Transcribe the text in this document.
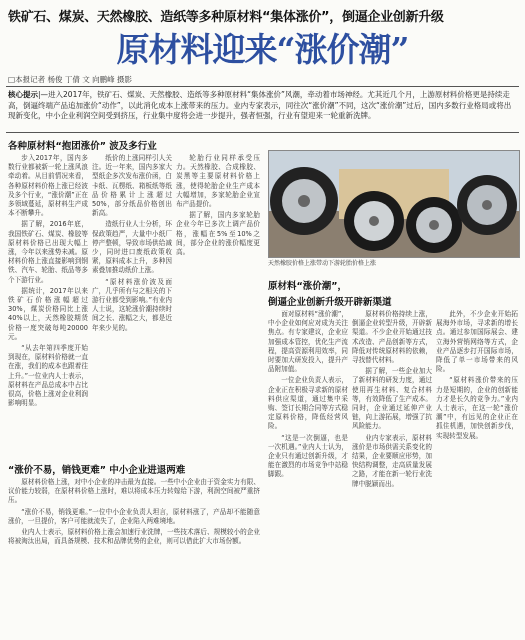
铁矿石、煤炭、天然橡胶、造纸等多种原材料“集体涨价”，倒逼企业创新升级
原材料迎来“涨价潮”
□本报记者 杨俊 丁倩 文 向鹏峰 摄影
核心提示|—进入2017年，铁矿石、煤炭、天然橡胶、造纸等多种原材料“集体涨价”风潮，牵动着市场神经。尤其近几个月，上游原材料价格更是持续走高，倒逼终端产品追加涨价“动作”，以此消化成本上涨带来的压力。业内专家表示，同往次“涨价潮”不同，这次“涨价潮”过后，国内多数行业格局或将出现新变化，中小企业利润空间受到挤压，行业集中度将会进一步提升，强者恒强，行业有望迎来一轮重新洗牌。
各种原材料“抱团涨价” 波及多行业

步入2017年，国内多数行业都被新一轮上涨风浪牵动着。从目前情况来看，各种原材料价格上涨已经波及多个行业，“涨价潮”正在多领域蔓延，原材料生产成本不断攀升。

据了解，2016年底，我国铁矿石、煤炭、橡胶等原材料价格已出现大幅上涨，今年以来涨势未减。原材料价格上涨直接影响到钢铁、汽车、轮胎、纸品等多个下游行业。

据统计，2017年以来铁矿石价格涨幅超过30%，煤炭价格同比上涨40%以上，天然橡胶期货价格一度突破每吨20000元。

“从去年第四季度开始到现在，原材料价格就一直在涨，我们的成本也跟着往上升。”一位业内人士表示，原材料在产品总成本中占比很高，价格上涨对企业利润影响明显。

纸价的上涨同样引人关注。近一年来，国内多家大型纸企多次发布涨价函，白卡纸、瓦楞纸、箱板纸等纸品价格累计上涨超过50%，部分纸品价格创出新高。

造纸行业人士分析，环保政策趋严，大量中小纸厂停产整顿，导致市场供给减少，同时进口废纸政策收紧，原料成本上升，多种因素叠加推动纸价上涨。

“原材料涨价波及面广，几乎所有与之相关的下游行业都受到影响。”有业内人士说，这轮涨价潮持续时间之长、涨幅之大，都是近年来少见的。

轮胎行业同样承受压力。天然橡胶、合成橡胶、炭黑等主要原材料价格上涨，使得轮胎企业生产成本大幅增加，多家轮胎企业宣布产品提价。

据了解，国内多家轮胎企业今年已多次上调产品价格，涨幅在5%至10%之间，部分企业的涨价幅度更高。

天然橡胶价格上涨带动下游轮胎价格上涨
原材料“涨价潮”，
倒逼企业创新升级开辟新渠道
“涨价不易，销钱更难” 中小企业进退两难

原材料价格上涨，对中小企业的冲击最为直接。一些中小企业由于资金实力有限、议价能力较弱，在原材料价格上涨时，难以将成本压力转嫁给下游，利润空间被严重挤压。

“涨价不易，销钱更难。”一位中小企业负责人坦言，原材料涨了，产品却不能随意涨价，一旦提价，客户可能就流失了，企业陷入两难境地。

业内人士表示，原材料价格上涨会加速行业洗牌，一些技术落后、规模较小的企业将被淘汰出局，而具备规模、技术和品牌优势的企业，则可以借此扩大市场份额。

面对原材料“涨价潮”，中小企业如何应对成为关注焦点。有专家建议，企业应加强成本管控，优化生产流程，提高资源利用效率，同时要加大研发投入，提升产品附加值。

一位企业负责人表示，企业正在积极寻求新的原材料供应渠道，通过集中采购、签订长期合同等方式稳定原料价格，降低经营风险。

“这是一次倒逼，也是一次机遇。”业内人士认为，企业只有通过创新升级，才能在激烈的市场竞争中站稳脚跟。

原材料价格持续上涨，倒逼企业转型升级，开辟新渠道。不少企业开始通过技术改造、产品创新等方式，降低对传统原材料的依赖，寻找替代材料。

据了解，一些企业加大了新材料的研发力度，通过使用再生材料、复合材料等，有效降低了生产成本。同时，企业通过延伸产业链，向上游拓展，增强了抗风险能力。

业内专家表示，原材料涨价是市场供需关系变化的结果，企业要顺应形势，加快结构调整，走高质量发展之路，才能在新一轮行业洗牌中脱颖而出。

此外，不少企业开始拓展海外市场，寻求新的增长点。通过参加国际展会、建立海外营销网络等方式，企业产品逐步打开国际市场，降低了单一市场带来的风险。

“原材料涨价带来的压力是短期的，企业的创新能力才是长久的竞争力。”业内人士表示，在这一轮“涨价潮”中，有远见的企业正在抓住机遇，加快创新步伐，实现转型发展。
